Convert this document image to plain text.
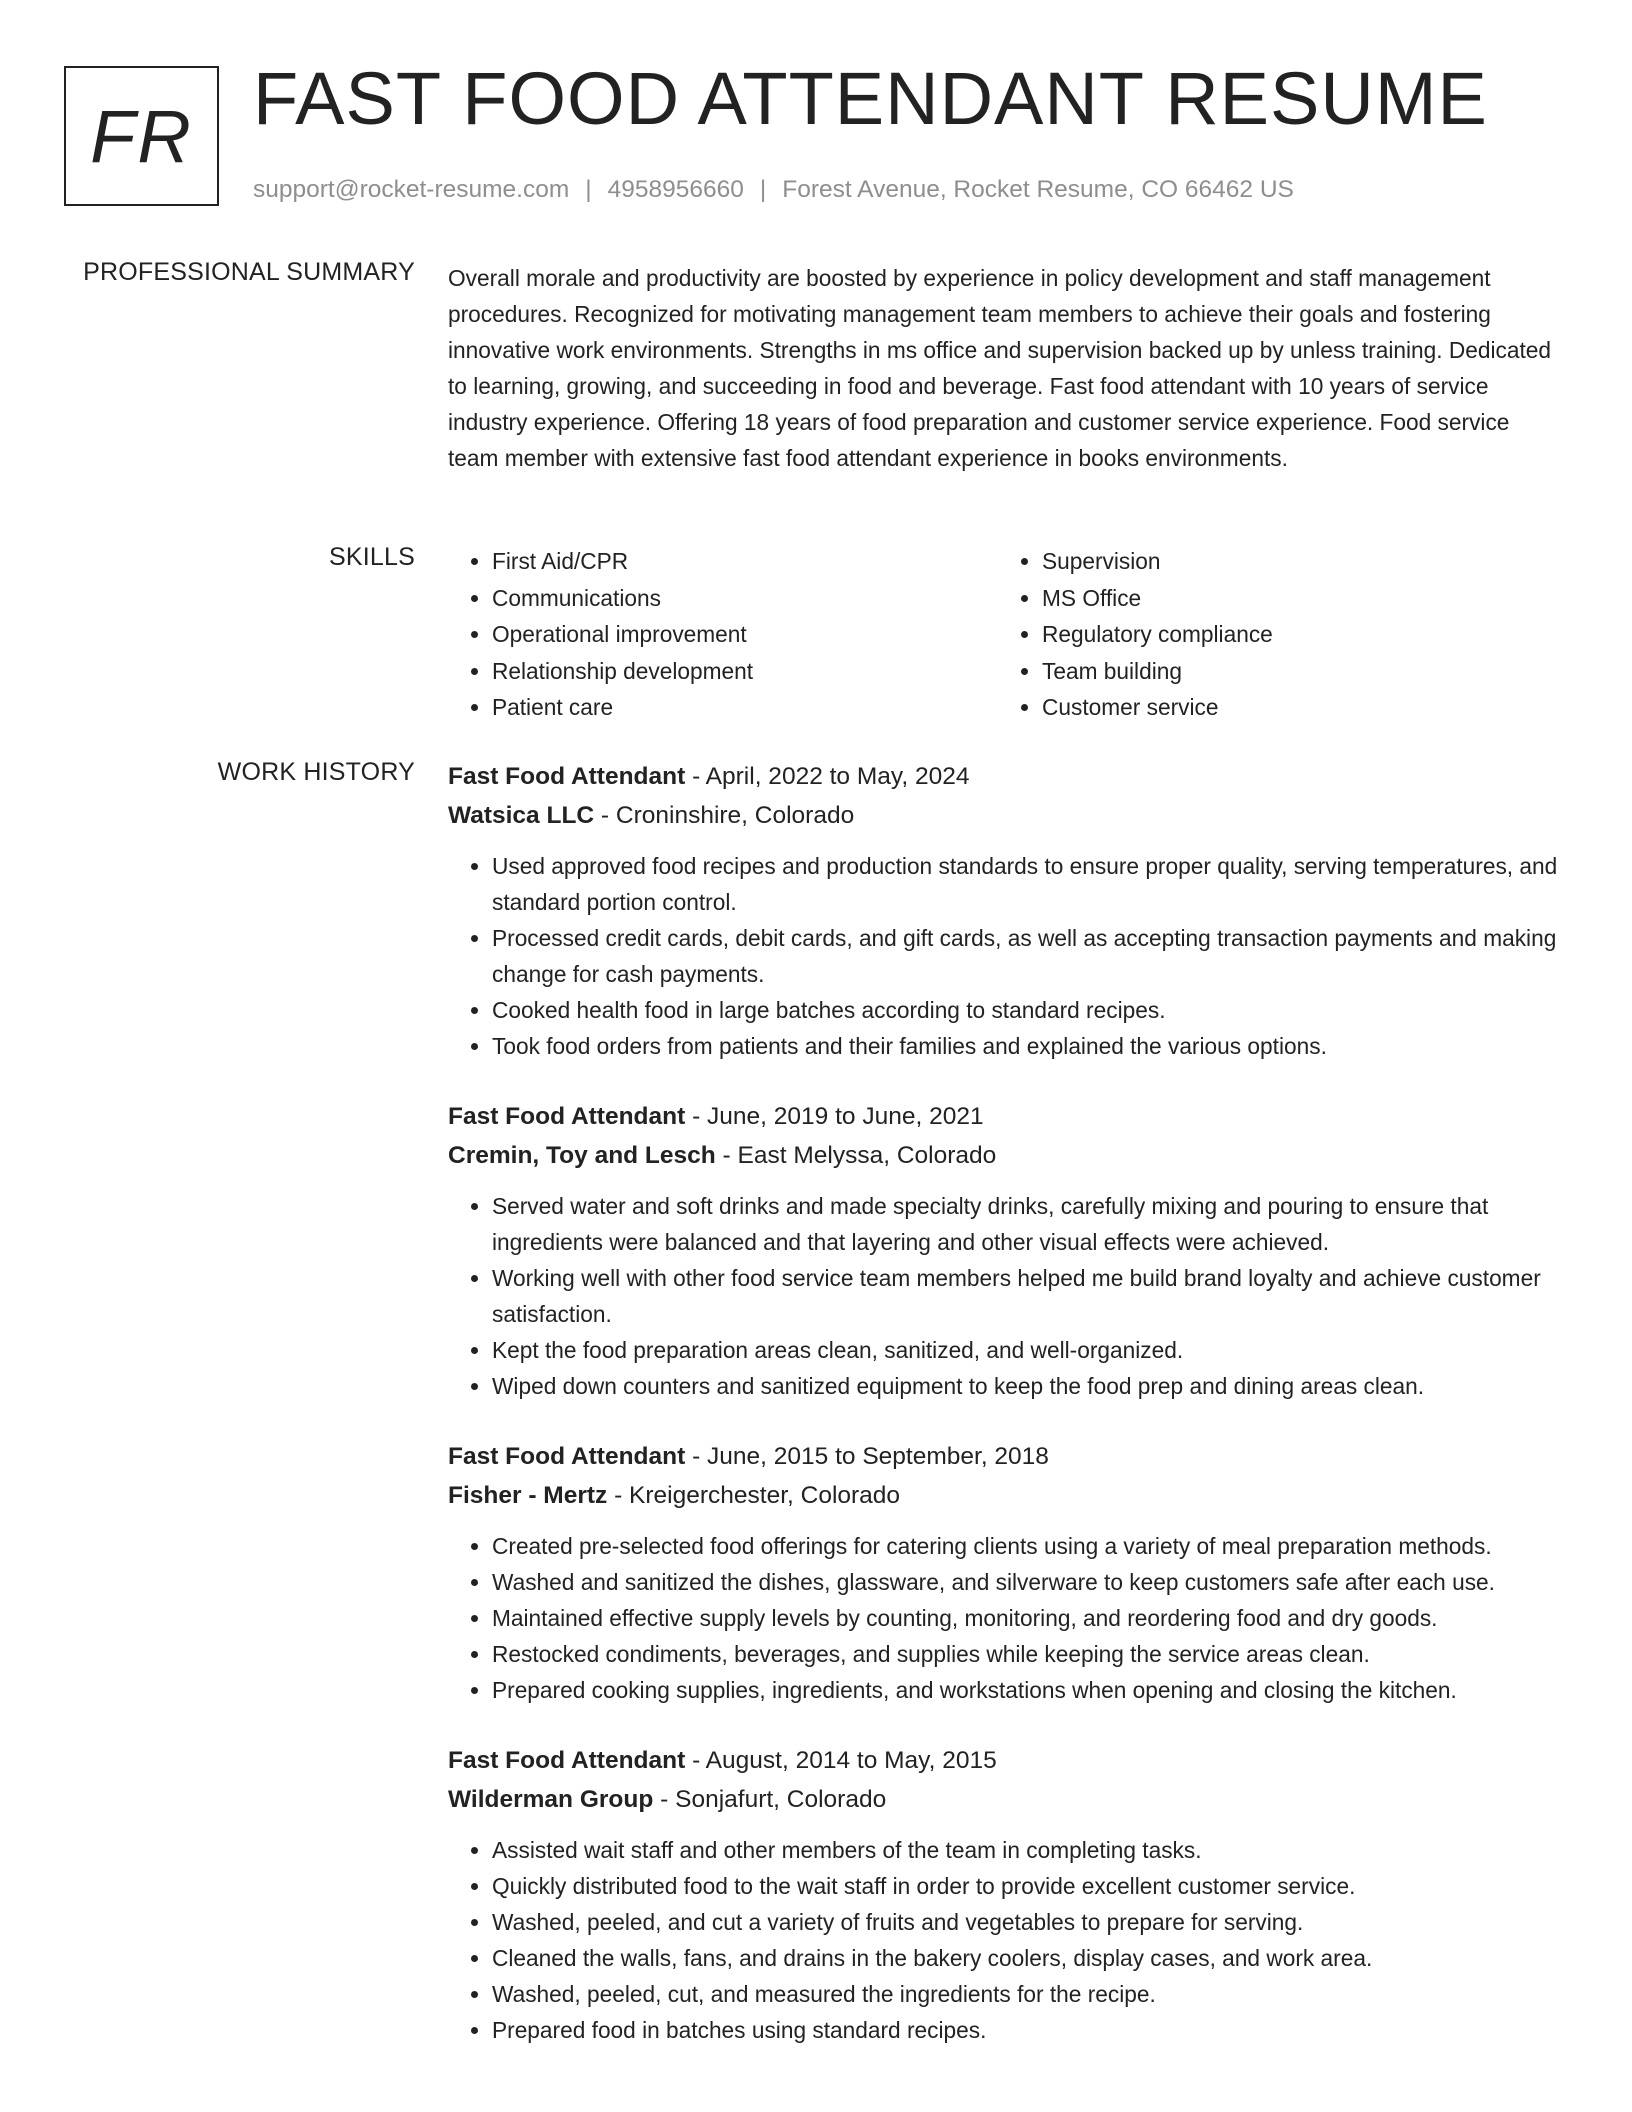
FR FAST FOOD ATTENDANT RESUME
support@rocket-resume.com | 4958956660 | Forest Avenue, Rocket Resume, CO 66462 US
PROFESSIONAL SUMMARY Overall morale and productivity are boosted by experience in policy development and staff management procedures. Recognized for motivating management team members to achieve their goals and fostering innovative work environments. Strengths in ms office and supervision backed up by unless training. Dedicated to learning, growing, and succeeding in food and beverage. Fast food attendant with 10 years of service industry experience. Offering 18 years of food preparation and customer service experience. Food service team member with extensive fast food attendant experience in books environments.

SKILLS
•	First Aid/CPR
• Communications
• Operational improvement
• Relationship development
• Patient care
• Supervision
• MS Office
• Regulatory compliance
• Team building
• Customer service
WORK HISTORY Fast Food Attendant - April, 2022 to May, 2024
Watsica LLC - Croninshire, Colorado
• Used approved food recipes and production standards to ensure proper quality, serving temperatures, and standard portion control.
• Processed credit cards, debit cards, and gift cards, as well as accepting transaction payments and making change for cash payments.
• Cooked health food in large batches according to standard recipes.
• Took food orders from patients and their families and explained the various options.
Fast Food Attendant - June, 2019 to June, 2021
Cremin, Toy and Lesch - East Melyssa, Colorado
• Served water and soft drinks and made specialty drinks, carefully mixing and pouring to ensure that ingredients were balanced and that layering and other visual effects were achieved.
• Working well with other food service team members helped me build brand loyalty and achieve customer satisfaction.
• Kept the food preparation areas clean, sanitized, and well-organized.
• Wiped down counters and sanitized equipment to keep the food prep and dining areas clean.
Fast Food Attendant - June, 2015 to September, 2018
Fisher - Mertz - Kreigerchester, Colorado
• Created pre-selected food offerings for catering clients using a variety of meal preparation methods.
• Washed and sanitized the dishes, glassware, and silverware to keep customers safe after each use.
• Maintained effective supply levels by counting, monitoring, and reordering food and dry goods.
• Restocked condiments, beverages, and supplies while keeping the service areas clean.
• Prepared cooking supplies, ingredients, and workstations when opening and closing the kitchen.
Fast Food Attendant - August, 2014 to May, 2015
Wilderman Group - Sonjafurt, Colorado
• Assisted wait staff and other members of the team in completing tasks.
• Quickly distributed food to the wait staff in order to provide excellent customer service.
• Washed, peeled, and cut a variety of fruits and vegetables to prepare for serving.
• Cleaned the walls, fans, and drains in the bakery coolers, display cases, and work area.
• Washed, peeled, cut, and measured the ingredients for the recipe.
• Prepared food in batches using standard recipes.
